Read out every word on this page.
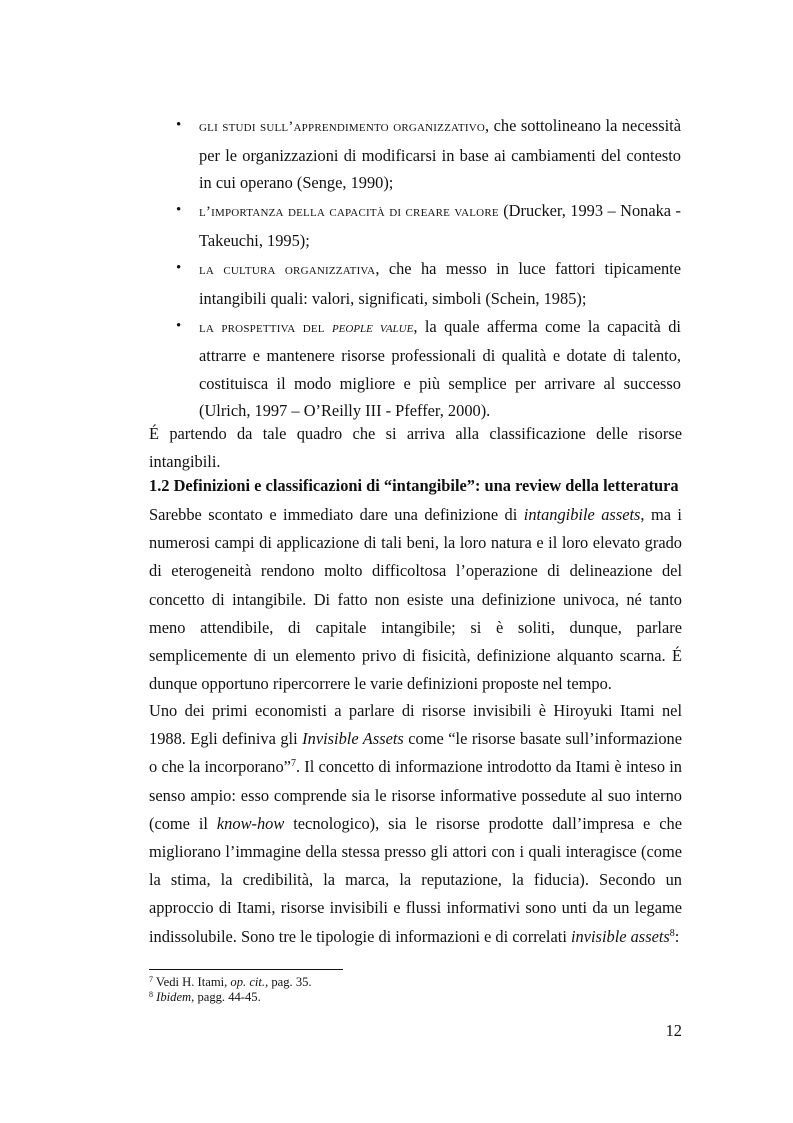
•	gli studi sull’apprendimento organizzativo, che sottolineano la necessità per le organizzazioni di modificarsi in base ai cambiamenti del contesto in cui operano (Senge, 1990);
•	l’importanza della capacità di creare valore (Drucker, 1993 – Nonaka - Takeuchi, 1995);
•	la cultura organizzativa, che ha messo in luce fattori tipicamente intangibili quali: valori, significati, simboli (Schein, 1985);
•	la prospettiva del people value, la quale afferma come la capacità di attrarre e mantenere risorse professionali di qualità e dotate di talento, costituisca il modo migliore e più semplice per arrivare al successo (Ulrich, 1997 – O’Reilly III - Pfeffer, 2000).

É partendo da tale quadro che si arriva alla classificazione delle risorse intangibili.

1.2 Definizioni e classificazioni di “intangibile”: una review della letteratura

Sarebbe scontato e immediato dare una definizione di intangibile assets, ma i numerosi campi di applicazione di tali beni, la loro natura e il loro elevato grado di eterogeneità rendono molto difficoltosa l’operazione di delineazione del concetto di intangibile. Di fatto non esiste una definizione univoca, né tanto meno attendibile, di capitale intangibile; si è soliti, dunque, parlare semplicemente di un elemento privo di fisicità, definizione alquanto scarna. É dunque opportuno ripercorrere le varie definizioni proposte nel tempo.

Uno dei primi economisti a parlare di risorse invisibili è Hiroyuki Itami nel 1988. Egli definiva gli Invisible Assets come “le risorse basate sull’informazione o che la incorporano”$^7$. Il concetto di informazione introdotto da Itami è inteso in senso ampio: esso comprende sia le risorse informative possedute al suo interno (come il know-how tecnologico), sia le risorse prodotte dall’impresa e che migliorano l’immagine della stessa presso gli attori con i quali interagisce (come la stima, la credibilità, la marca, la reputazione, la fiducia). Secondo un approccio di Itami, risorse invisibili e flussi informativi sono unti da un legame indissolubile. Sono tre le tipologie di informazioni e di correlati invisible assets$^8$:

$^7$ Vedi H. Itami, op. cit., pag. 35.
$^8$ Ibidem, pagg. 44-45.
12
